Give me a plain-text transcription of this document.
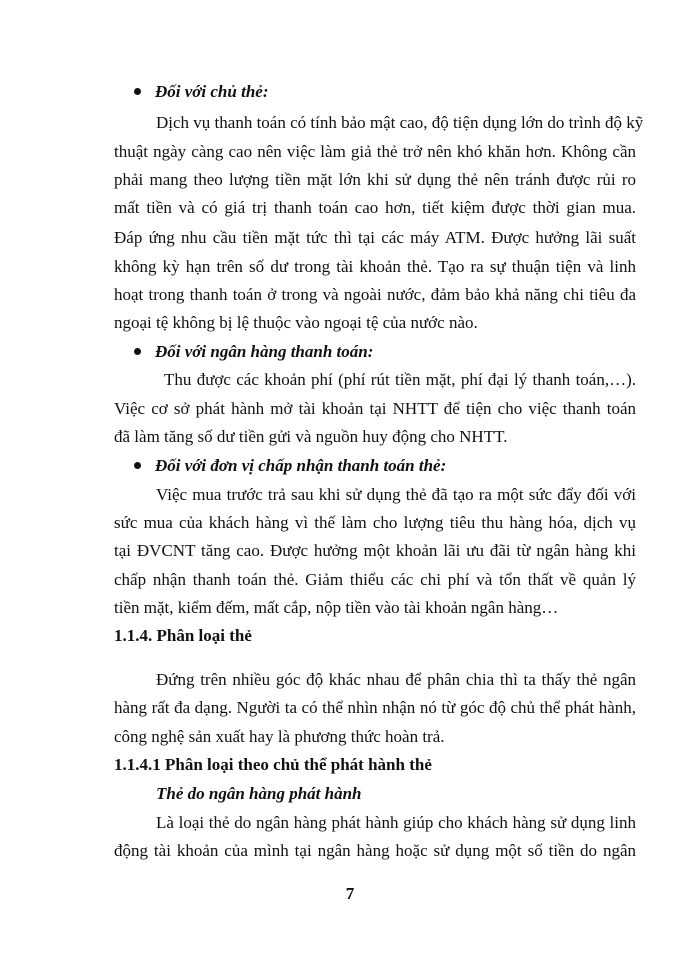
Đối với chủ thẻ:
Dịch vụ thanh toán có tính bảo mật cao, độ tiện dụng lớn do trình độ kỹ
thuật ngày càng cao nên việc làm giả thẻ trở nên khó khăn hơn. Không cần
phải mang theo lượng tiền mặt lớn khi sử dụng thẻ nên tránh được rủi ro
mất tiền và có giá trị thanh toán cao hơn, tiết kiệm được thời gian mua.
Đáp ứng nhu cầu tiền mặt tức thì tại các máy ATM. Được hưởng lãi suất
không kỳ hạn trên số dư trong tài khoản thẻ. Tạo ra sự thuận tiện và linh
hoạt trong thanh toán ở trong và ngoài nước, đảm bảo khả năng chi tiêu đa
ngoại tệ không bị lệ thuộc vào ngoại tệ của nước nào.
Đối với ngân hàng thanh toán:
Thu được các khoản phí (phí rút tiền mặt, phí đại lý thanh toán,…).
Việc cơ sở phát hành mở tài khoản tại NHTT để tiện cho việc thanh toán
đã làm tăng số dư tiền gửi và nguồn huy động cho NHTT.
Đối với đơn vị chấp nhận thanh toán thẻ:
Việc mua trước trả sau khi sử dụng thẻ đã tạo ra một sức đẩy đối với
sức mua của khách hàng vì thế làm cho lượng tiêu thu hàng hóa, dịch vụ
tại ĐVCNT tăng cao. Được hưởng một khoản lãi ưu đãi từ ngân hàng khi
chấp nhận thanh toán thẻ. Giảm thiểu các chi phí và tổn thất về quản lý
tiền mặt, kiểm đếm, mất cắp, nộp tiền vào tài khoản ngân hàng…
1.1.4. Phân loại thẻ
Đứng trên nhiều góc độ khác nhau để phân chia thì ta thấy thẻ ngân
hàng rất đa dạng. Người ta có thể nhìn nhận nó từ góc độ chủ thể phát hành,
công nghệ sản xuất hay là phương thức hoàn trả.
1.1.4.1 Phân loại theo chủ thể phát hành thẻ
Thẻ do ngân hàng phát hành
Là loại thẻ do ngân hàng phát hành giúp cho khách hàng sử dụng linh
động tài khoản của mình tại ngân hàng hoặc sử dụng một số tiền do ngân
7
